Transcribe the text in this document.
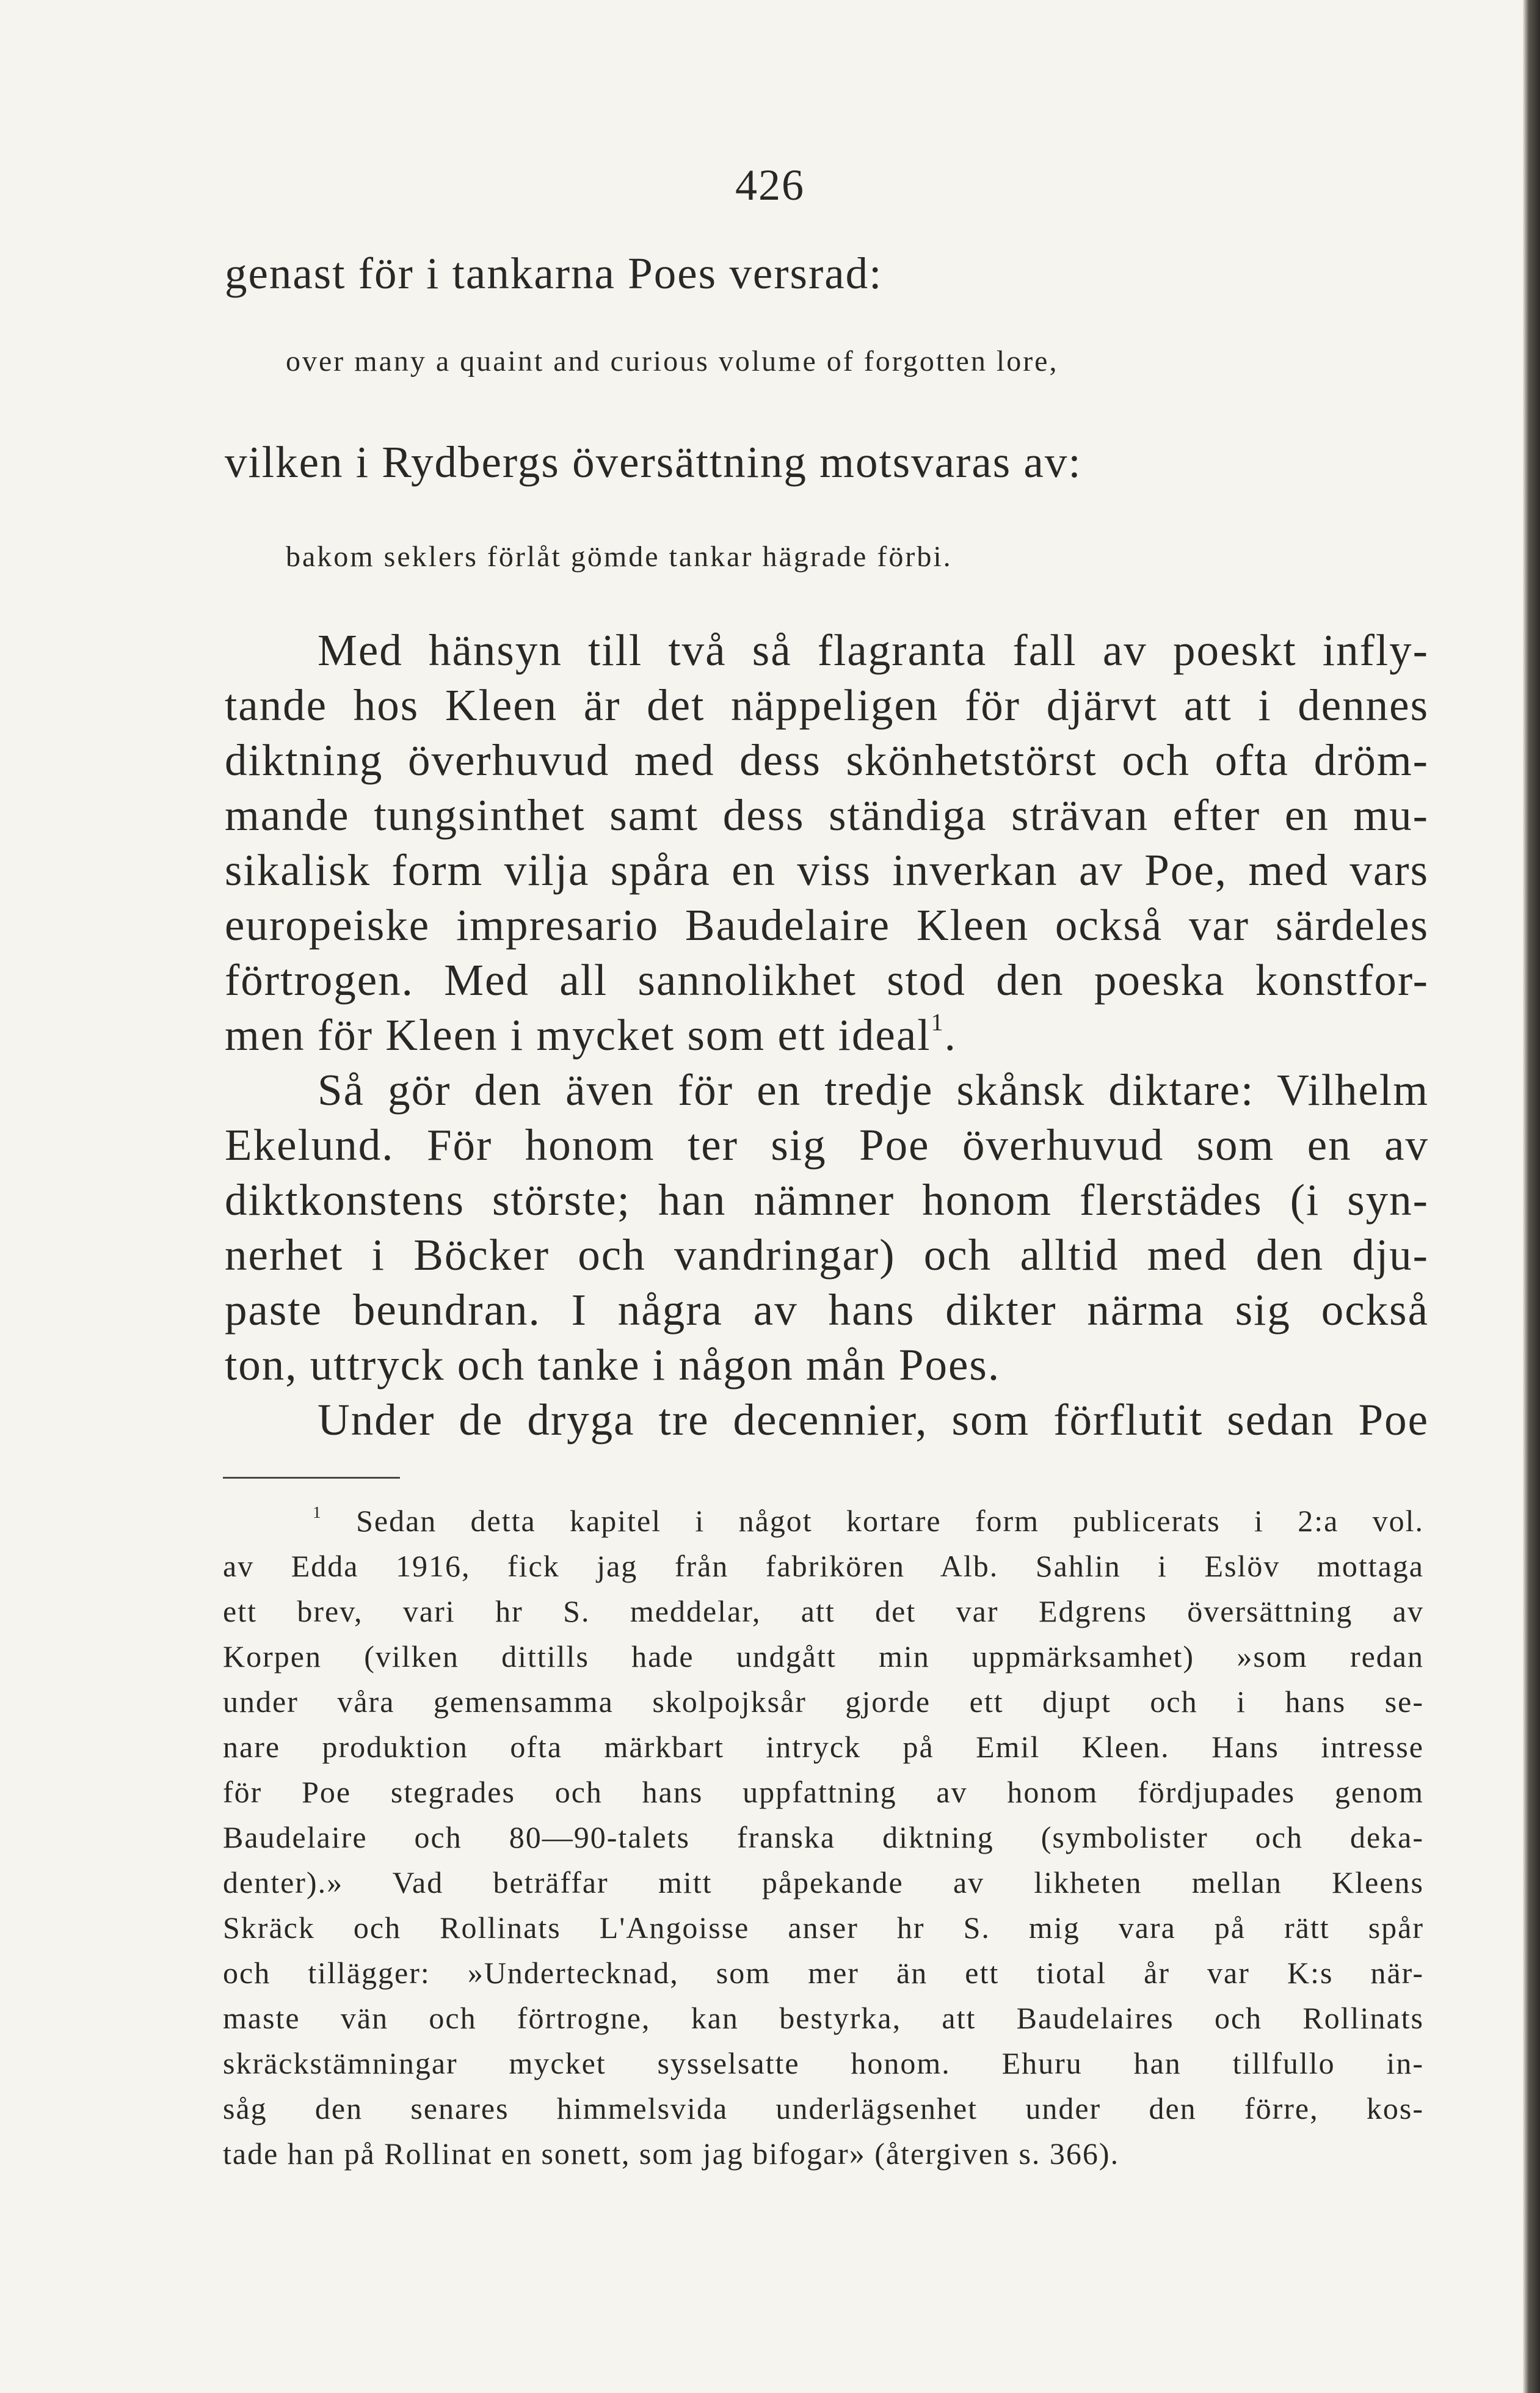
426
genast för i tankarna Poes versrad:
over many a quaint and curious volume of forgotten lore,
vilken i Rydbergs översättning motsvaras av:
bakom seklers förlåt gömde tankar hägrade förbi.
Med hänsyn till två så flagranta fall av poeskt infly-
tande hos Kleen är det näppeligen för djärvt att i dennes
diktning överhuvud med dess skönhetstörst och ofta dröm-
mande tungsinthet samt dess ständiga strävan efter en mu-
sikalisk form vilja spåra en viss inverkan av Poe, med vars
europeiske impresario Baudelaire Kleen också var särdeles
förtrogen. Med all sannolikhet stod den poeska konstfor-
men för Kleen i mycket som ett ideal$^1$.
Så gör den även för en tredje skånsk diktare: Vilhelm
Ekelund. För honom ter sig Poe överhuvud som en av
diktkonstens störste; han nämner honom flerstädes (i syn-
nerhet i Böcker och vandringar) och alltid med den dju-
paste beundran. I några av hans dikter närma sig också
ton, uttryck och tanke i någon mån Poes.
Under de dryga tre decennier, som förflutit sedan Poe
$^1$ Sedan detta kapitel i något kortare form publicerats i 2:a vol.
av Edda 1916, fick jag från fabrikören Alb. Sahlin i Eslöv mottaga
ett brev, vari hr S. meddelar, att det var Edgrens översättning av
Korpen (vilken dittills hade undgått min uppmärksamhet) »som redan
under våra gemensamma skolpojksår gjorde ett djupt och i hans se-
nare produktion ofta märkbart intryck på Emil Kleen. Hans intresse
för Poe stegrades och hans uppfattning av honom fördjupades genom
Baudelaire och 80—90-talets franska diktning (symbolister och deka-
denter).» Vad beträffar mitt påpekande av likheten mellan Kleens
Skräck och Rollinats L'Angoisse anser hr S. mig vara på rätt spår
och tillägger: »Undertecknad, som mer än ett tiotal år var K:s när-
maste vän och förtrogne, kan bestyrka, att Baudelaires och Rollinats
skräckstämningar mycket sysselsatte honom. Ehuru han tillfullo in-
såg den senares himmelsvida underlägsenhet under den förre, kos-
tade han på Rollinat en sonett, som jag bifogar» (återgiven s. 366).
